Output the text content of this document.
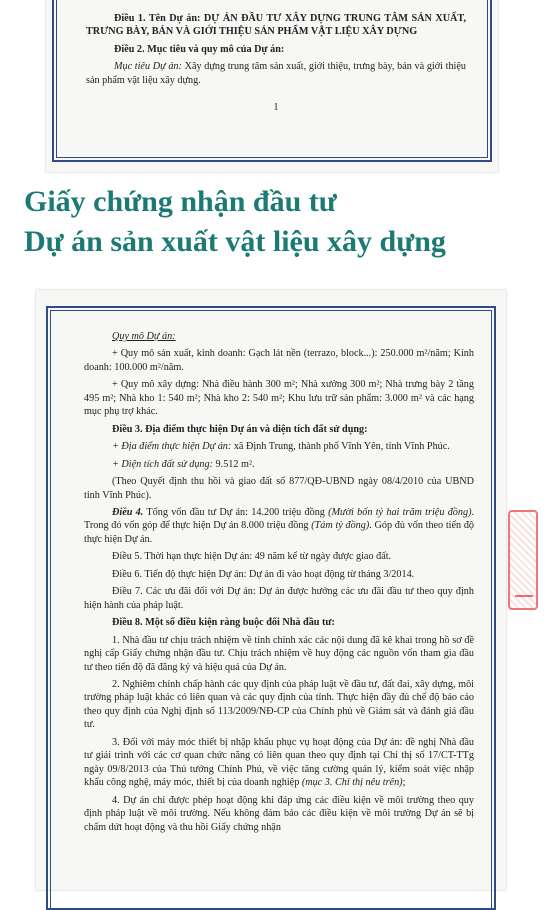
Điều 1. Tên Dự án: DỰ ÁN ĐẦU TƯ XÂY DỰNG TRUNG TÂM SẢN XUẤT, TRƯNG BÀY, BÁN VÀ GIỚI THIỆU SẢN PHẨM VẬT LIỆU XÂY DỰNG

Điều 2. Mục tiêu và quy mô của Dự án:

Mục tiêu Dự án: Xây dựng trung tâm sản xuất, giới thiệu, trưng bày, bán và giới thiệu sản phẩm vật liệu xây dựng.

1

Giấy chứng nhận đầu tư
Dự án sản xuất vật liệu xây dựng

Quy mô Dự án:

+ Quy mô sản xuất, kinh doanh: Gạch lát nền (terrazo, block...): 250.000 m²/năm; Kính doanh: 100.000 m²/năm.

+ Quy mô xây dựng: Nhà điều hành 300 m²; Nhà xưởng 300 m²; Nhà trưng bày 2 tầng 495 m²; Nhà kho 1: 540 m²; Nhà kho 2: 540 m²; Khu lưu trữ sản phẩm: 3.000 m² và các hạng mục phụ trợ khác.

Điều 3. Địa điểm thực hiện Dự án và diện tích đất sử dụng:

+ Địa điểm thực hiện Dự án: xã Định Trung, thành phố Vĩnh Yên, tỉnh Vĩnh Phúc.

+ Diện tích đất sử dụng: 9.512 m².

(Theo Quyết định thu hồi và giao đất số 877/QĐ-UBND ngày 08/4/2010 của UBND tỉnh Vĩnh Phúc).

Điều 4. Tổng vốn đầu tư Dự án: 14.200 triệu đồng (Mười bốn tỷ hai trăm triệu đồng). Trong đó vốn góp để thực hiện Dự án 8.000 triệu đồng (Tám tỷ đồng). Góp đủ vốn theo tiến độ thực hiện Dự án.

Điều 5. Thời hạn thực hiện Dự án: 49 năm kể từ ngày được giao đất.

Điều 6. Tiến độ thực hiện Dự án: Dự án đi vào hoạt động từ tháng 3/2014.

Điều 7. Các ưu đãi đối với Dự án: Dự án được hưởng các ưu đãi đầu tư theo quy định hiện hành của pháp luật.

Điều 8. Một số điều kiện ràng buộc đối Nhà đầu tư:

1. Nhà đầu tư chịu trách nhiệm về tính chính xác các nội dung đã kê khai trong hồ sơ đề nghị cấp Giấy chứng nhận đầu tư. Chịu trách nhiệm về huy động các nguồn vốn tham gia đầu tư theo tiến độ đã đăng ký và hiệu quả của Dự án.

2. Nghiêm chỉnh chấp hành các quy định của pháp luật về đầu tư, đất đai, xây dựng, môi trường pháp luật khác có liên quan và các quy định của tỉnh. Thực hiện đầy đủ chế độ báo cáo theo quy định của Nghị định số 113/2009/NĐ-CP của Chính phủ về Giám sát và đánh giá đầu tư.

3. Đối với máy móc thiết bị nhập khẩu phục vụ hoạt động của Dự án: đề nghị Nhà đầu tư giải trình với các cơ quan chức năng có liên quan theo quy định tại Chỉ thị số 17/CT-TTg ngày 09/8/2013 của Thủ tướng Chính Phủ, về việc tăng cường quản lý, kiểm soát việc nhập khẩu công nghệ, máy móc, thiết bị của doanh nghiệp (mục 3. Chỉ thị nêu trên);

4. Dự án chỉ được phép hoạt động khi đáp ứng các điều kiện về môi trường theo quy định pháp luật về môi trường. Nếu không đảm bảo các điều kiện về môi trường Dự án sẽ bị chấm dứt hoạt động và thu hồi Giấy chứng nhận
